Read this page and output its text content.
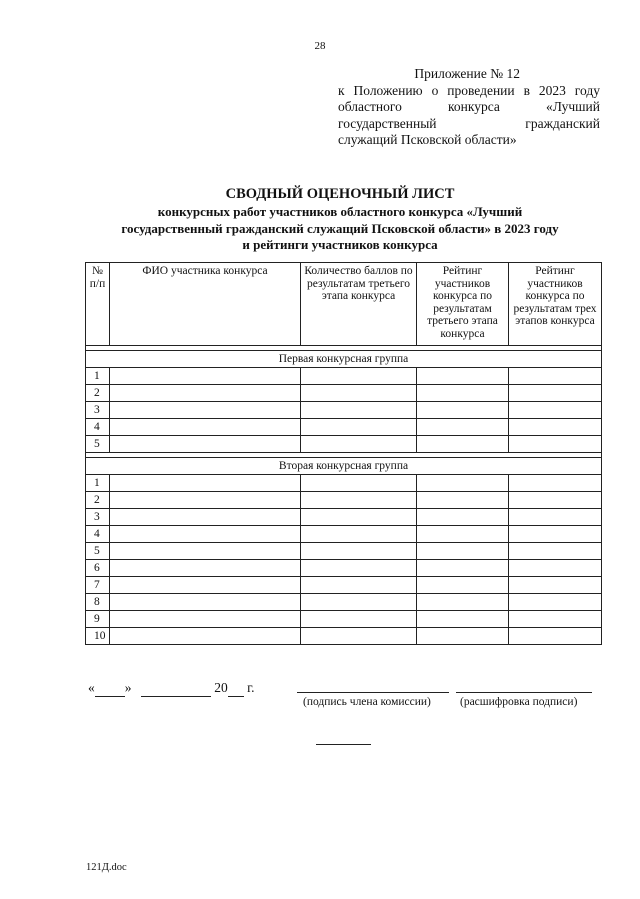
28
Приложение № 12
к Положению о проведении в 2023 году
областного конкурса «Лучший
государственный гражданский
служащий Псковской области»
СВОДНЫЙ ОЦЕНОЧНЫЙ ЛИСТ
конкурсных работ участников областного конкурса «Лучший
государственный гражданский служащий Псковской области» в 2023 году
и рейтинги участников конкурса
№ п/п	ФИО участника конкурса	Количество баллов по результатам третьего этапа конкурса	Рейтинг участников конкурса по результатам третьего этапа конкурса	Рейтинг участников конкурса по результатам трех этапов конкурса

Первая конкурсная группа				
1				
2				
3				
4				
5				

Вторая конкурсная группа				
1				
2				
3				
4				
5				
6				
7				
8				
9				
10				
« »	20 г.
(подпись члена комиссии)	(расшифровка подписи)
121Д.doc
